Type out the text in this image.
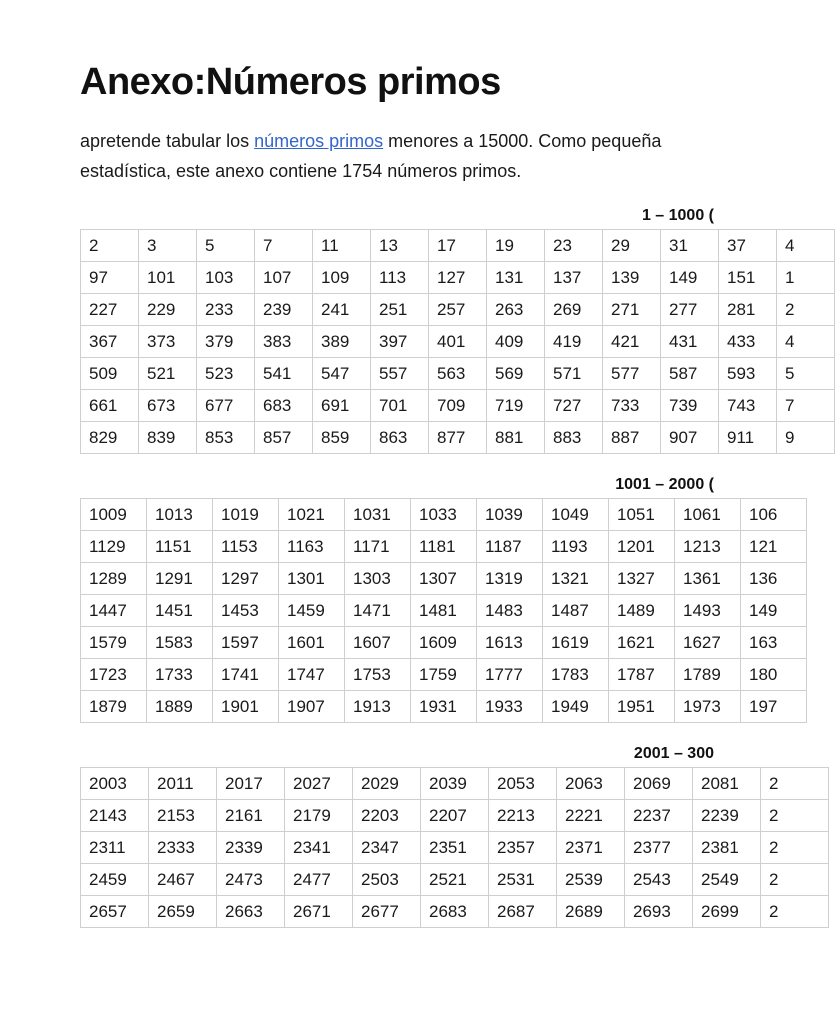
Anexo:Números primos

apretende tabular los números primos menores a 15000. Como pequeña estadística, este anexo contiene 1754 números primos.

1 – 1000 (
2	3	5	7	11	13	17	19	23	29	31	37	4
97	101	103	107	109	113	127	131	137	139	149	151	1
227	229	233	239	241	251	257	263	269	271	277	281	2
367	373	379	383	389	397	401	409	419	421	431	433	4
509	521	523	541	547	557	563	569	571	577	587	593	5
661	673	677	683	691	701	709	719	727	733	739	743	7
829	839	853	857	859	863	877	881	883	887	907	911	9
1001 – 2000 (
1009	1013	1019	1021	1031	1033	1039	1049	1051	1061	106
1129	1151	1153	1163	1171	1181	1187	1193	1201	1213	121
1289	1291	1297	1301	1303	1307	1319	1321	1327	1361	136
1447	1451	1453	1459	1471	1481	1483	1487	1489	1493	149
1579	1583	1597	1601	1607	1609	1613	1619	1621	1627	163
1723	1733	1741	1747	1753	1759	1777	1783	1787	1789	180
1879	1889	1901	1907	1913	1931	1933	1949	1951	1973	197
2001 – 300
2003	2011	2017	2027	2029	2039	2053	2063	2069	2081	2
2143	2153	2161	2179	2203	2207	2213	2221	2237	2239	2
2311	2333	2339	2341	2347	2351	2357	2371	2377	2381	2
2459	2467	2473	2477	2503	2521	2531	2539	2543	2549	2
2657	2659	2663	2671	2677	2683	2687	2689	2693	2699	2
